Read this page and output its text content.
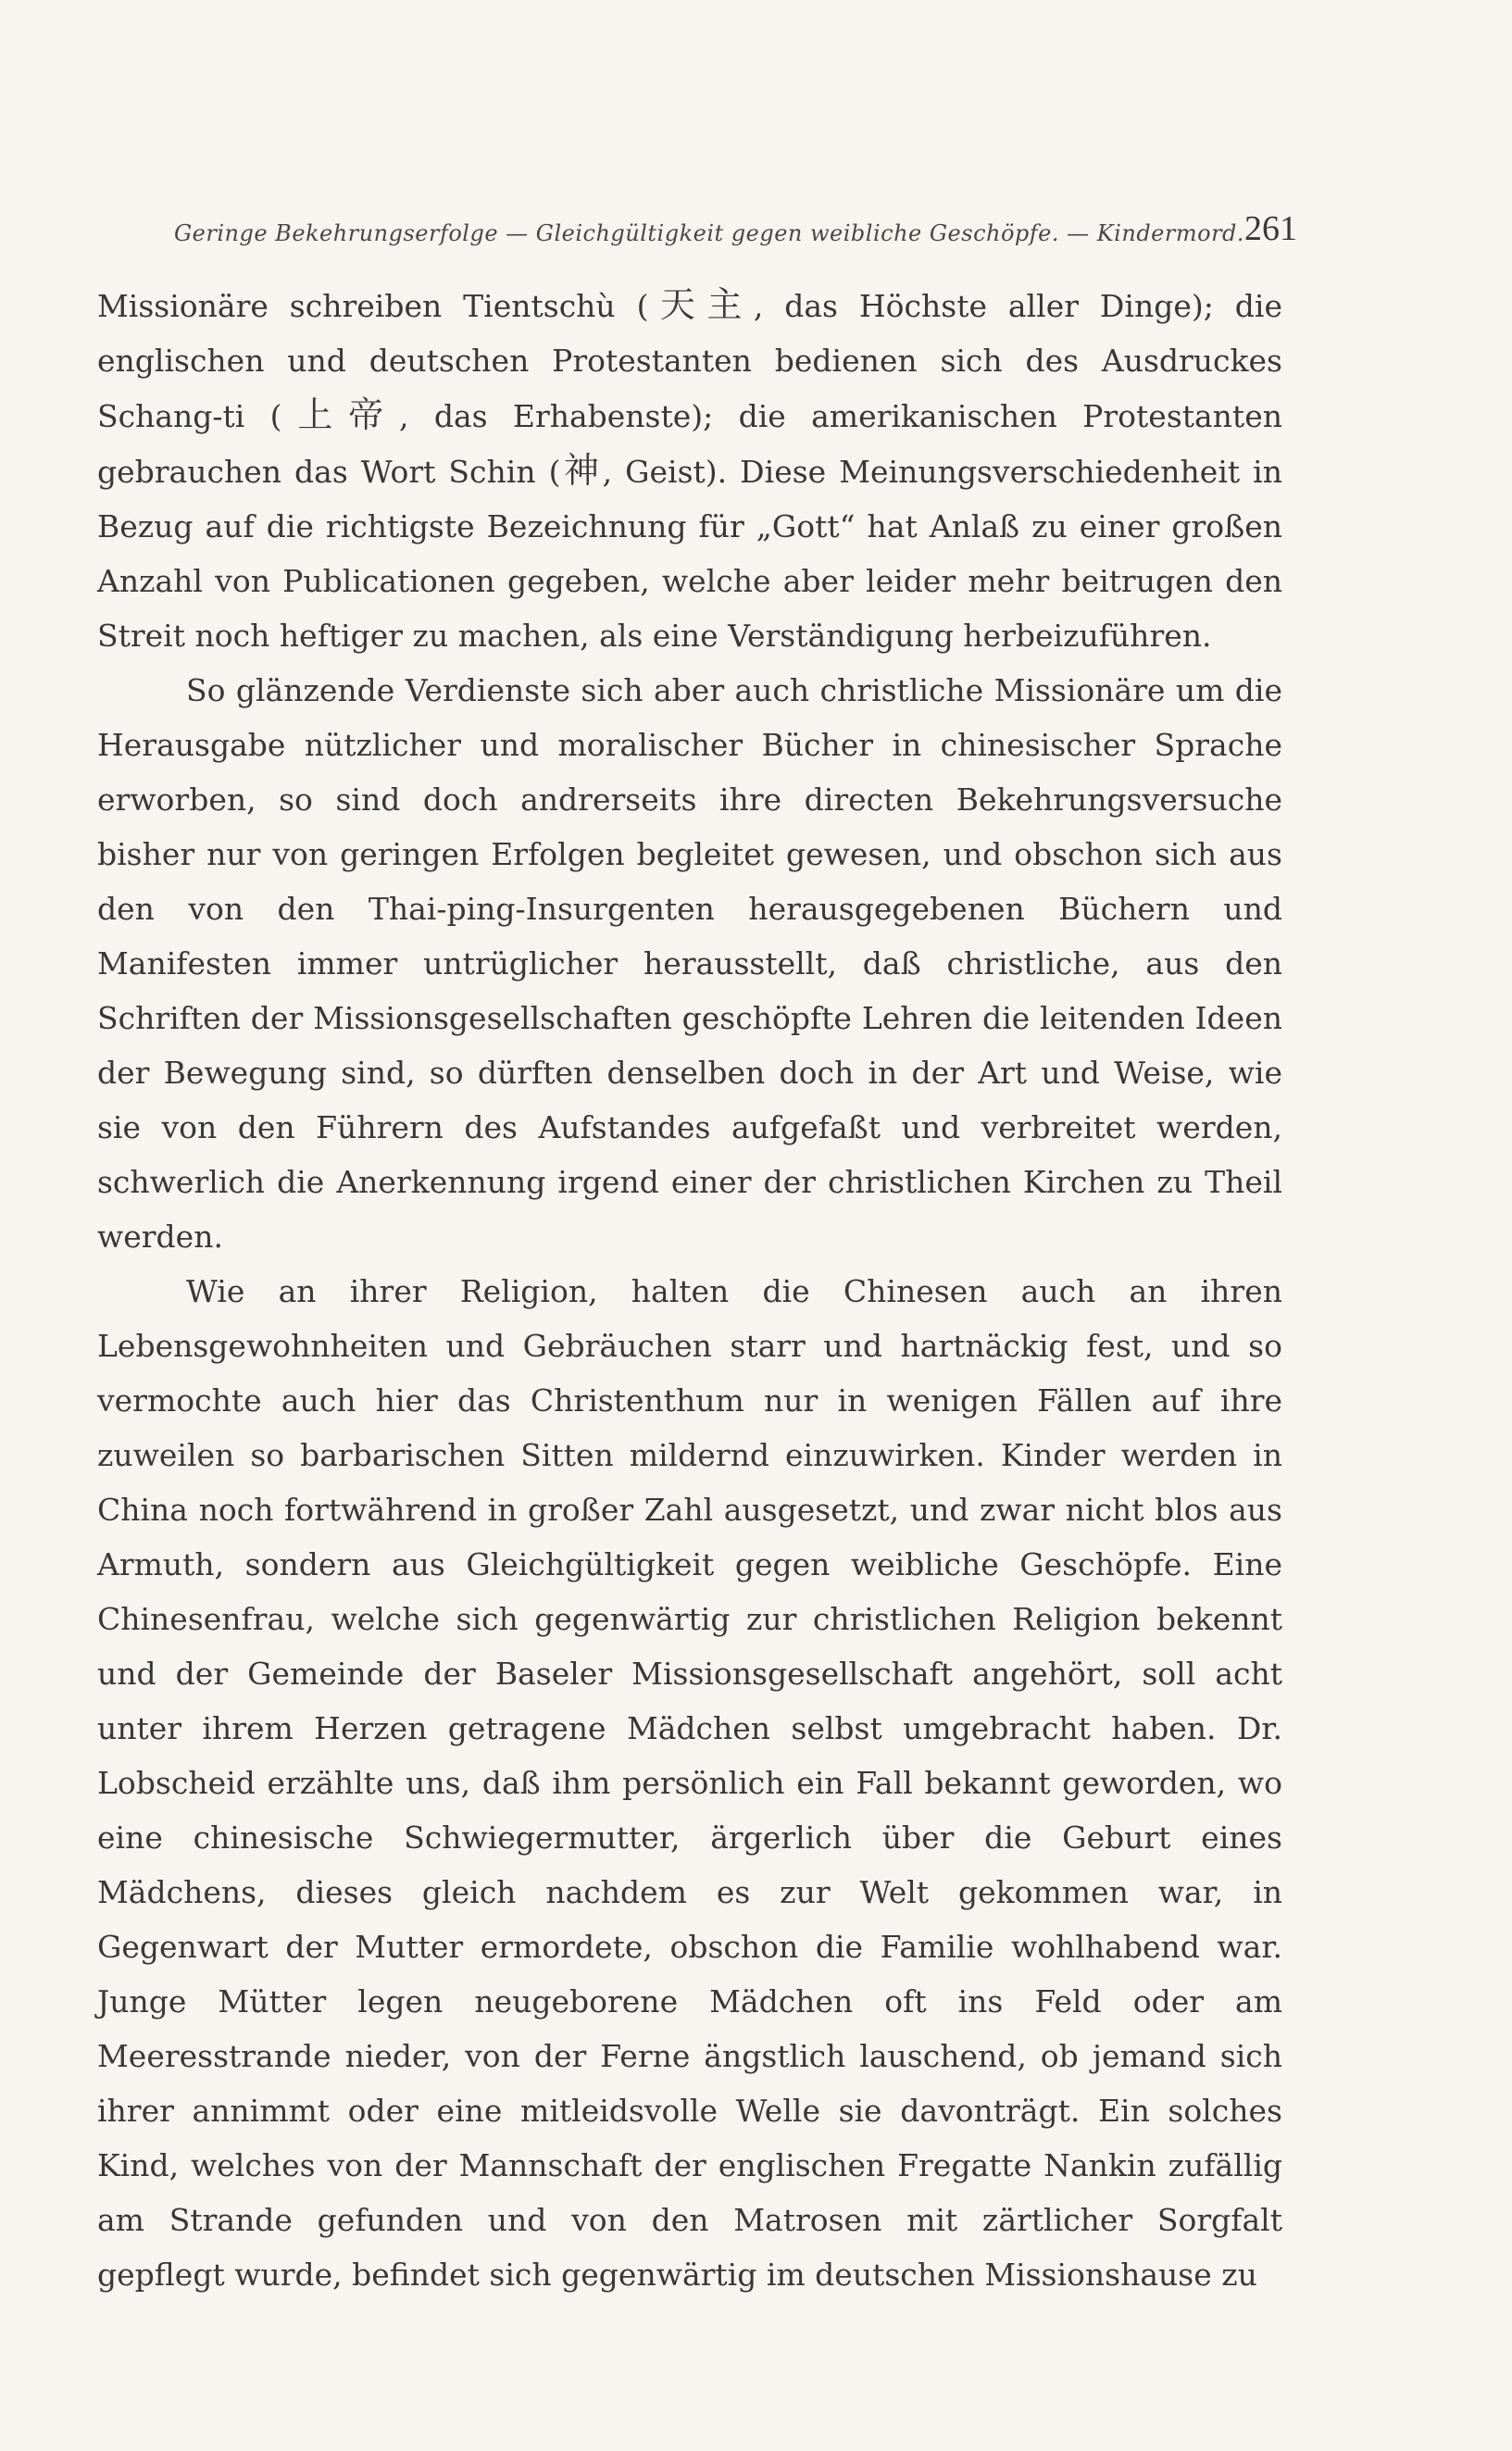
Geringe Bekehrungserfolge — Gleichgültigkeit gegen weibliche Geschöpfe. — Kindermord. 261

Missionäre schreiben Tientschù (天主, das Höchste aller Dinge); die englischen und deutschen Protestanten bedienen sich des Ausdruckes Schang-ti (上帝, das Erhabenste); die amerikanischen Protestanten gebrauchen das Wort Schin (神, Geist). Diese Meinungsverschiedenheit in Bezug auf die richtigste Bezeichnung für „Gott“ hat Anlaß zu einer großen Anzahl von Publicationen gegeben, welche aber leider mehr beitrugen den Streit noch heftiger zu machen, als eine Verständigung herbeizuführen.

So glänzende Verdienste sich aber auch christliche Missionäre um die Herausgabe nützlicher und moralischer Bücher in chinesischer Sprache erworben, so sind doch andrerseits ihre directen Bekehrungsversuche bisher nur von geringen Erfolgen begleitet gewesen, und obschon sich aus den von den Thai-ping-Insurgenten herausgegebenen Büchern und Manifesten immer untrüglicher herausstellt, daß christliche, aus den Schriften der Missionsgesellschaften geschöpfte Lehren die leitenden Ideen der Bewegung sind, so dürften denselben doch in der Art und Weise, wie sie von den Führern des Aufstandes aufgefaßt und verbreitet werden, schwerlich die Anerkennung irgend einer der christlichen Kirchen zu Theil werden.

Wie an ihrer Religion, halten die Chinesen auch an ihren Lebensgewohnheiten und Gebräuchen starr und hartnäckig fest, und so vermochte auch hier das Christenthum nur in wenigen Fällen auf ihre zuweilen so barbarischen Sitten mildernd einzuwirken. Kinder werden in China noch fortwährend in großer Zahl ausgesetzt, und zwar nicht blos aus Armuth, sondern aus Gleichgültigkeit gegen weibliche Geschöpfe. Eine Chinesenfrau, welche sich gegenwärtig zur christlichen Religion bekennt und der Gemeinde der Baseler Missionsgesellschaft angehört, soll acht unter ihrem Herzen getragene Mädchen selbst umgebracht haben. Dr. Lobscheid erzählte uns, daß ihm persönlich ein Fall bekannt geworden, wo eine chinesische Schwiegermutter, ärgerlich über die Geburt eines Mädchens, dieses gleich nachdem es zur Welt gekommen war, in Gegenwart der Mutter ermordete, obschon die Familie wohlhabend war. Junge Mütter legen neugeborene Mädchen oft ins Feld oder am Meeresstrande nieder, von der Ferne ängstlich lauschend, ob jemand sich ihrer annimmt oder eine mitleidsvolle Welle sie davonträgt. Ein solches Kind, welches von der Mannschaft der englischen Fregatte Nankin zufällig am Strande gefunden und von den Matrosen mit zärtlicher Sorgfalt gepflegt wurde, befindet sich gegenwärtig im deutschen Missionshause zu
